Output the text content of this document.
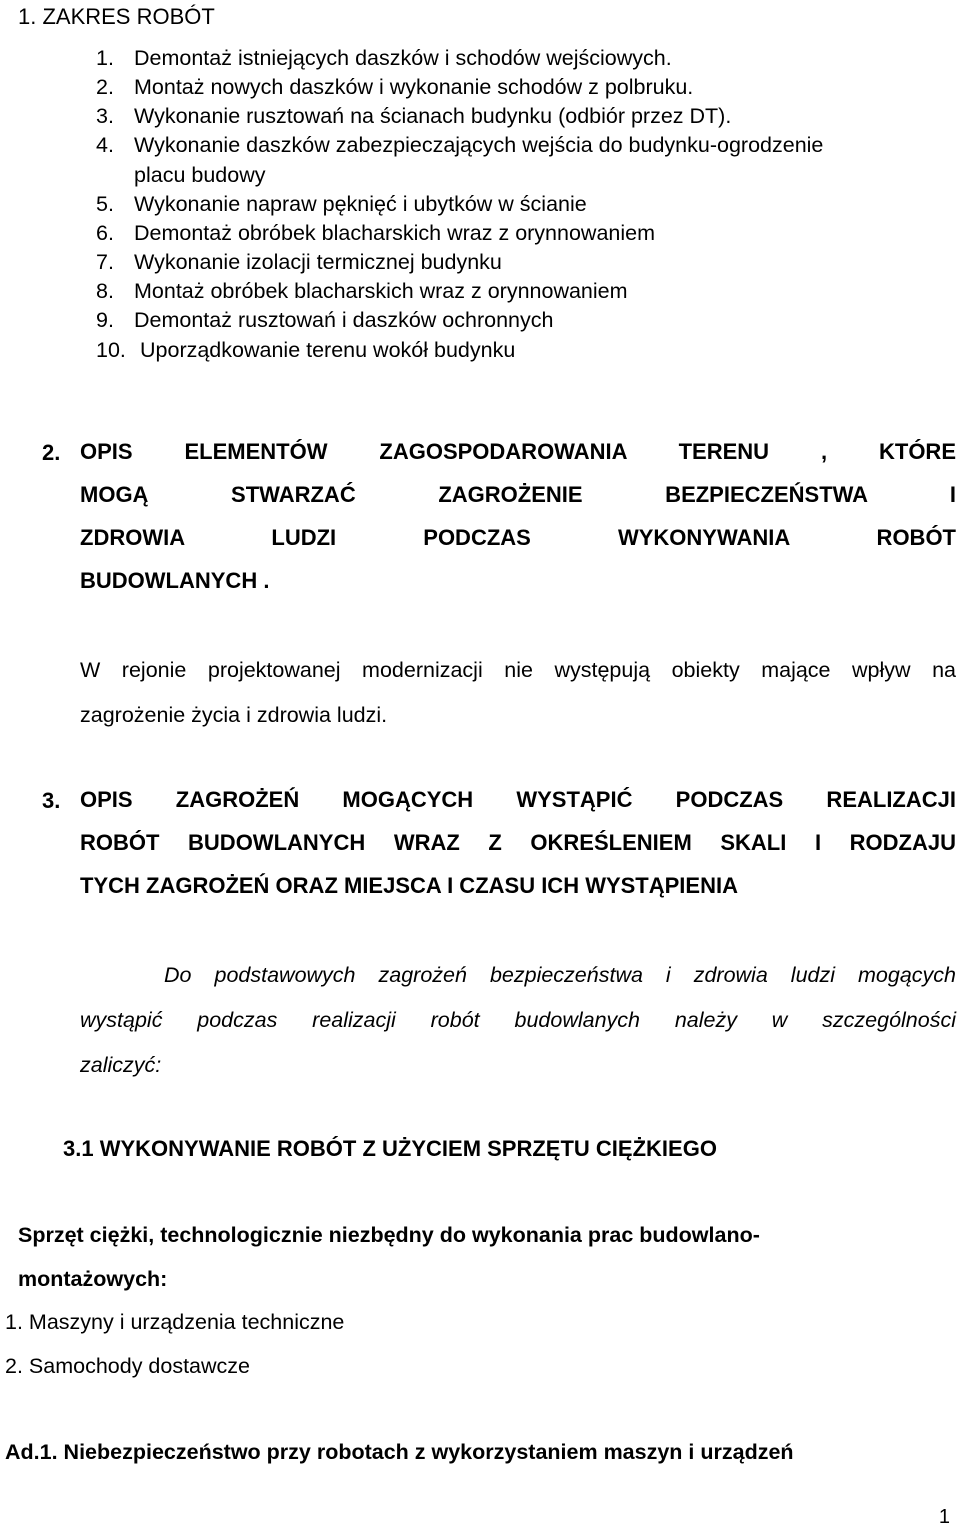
1. ZAKRES ROBÓT
1. Demontaż istniejących daszków i schodów wejściowych.
2. Montaż nowych daszków i wykonanie schodów z polbruku.
3. Wykonanie rusztowań na ścianach budynku (odbiór przez DT).
4. Wykonanie daszków zabezpieczających wejścia do budynku-ogrodzenie
placu budowy
5. Wykonanie napraw pęknięć i ubytków w ścianie
6. Demontaż obróbek blacharskich wraz z orynnowaniem
7. Wykonanie izolacji termicznej budynku
8. Montaż obróbek blacharskich wraz z orynnowaniem
9. Demontaż rusztowań i daszków ochronnych
10. Uporządkowanie terenu wokół budynku
2. OPIS ELEMENTÓW ZAGOSPODAROWANIA TERENU , KTÓRE
MOGĄ STWARZAĆ ZAGROŻENIE BEZPIECZEŃSTWA I
ZDROWIA LUDZI PODCZAS WYKONYWANIA ROBÓT
BUDOWLANYCH .
W rejonie projektowanej modernizacji nie występują obiekty mające wpływ na
zagrożenie życia i zdrowia ludzi.
3. OPIS ZAGROŻEŃ MOGĄCYCH WYSTĄPIĆ PODCZAS REALIZACJI
ROBÓT BUDOWLANYCH WRAZ Z OKREŚLENIEM SKALI I RODZAJU
TYCH ZAGROŻEŃ ORAZ MIEJSCA I CZASU ICH WYSTĄPIENIA
Do podstawowych zagrożeń bezpieczeństwa i zdrowia ludzi mogących
wystąpić podczas realizacji robót budowlanych należy w szczególności
zaliczyć:
3.1 WYKONYWANIE ROBÓT Z UŻYCIEM SPRZĘTU CIĘŻKIEGO
Sprzęt ciężki, technologicznie niezbędny do wykonania prac budowlano-
montażowych:
1. Maszyny i urządzenia techniczne
2. Samochody dostawcze
Ad.1. Niebezpieczeństwo przy robotach z wykorzystaniem maszyn i urządzeń
1
